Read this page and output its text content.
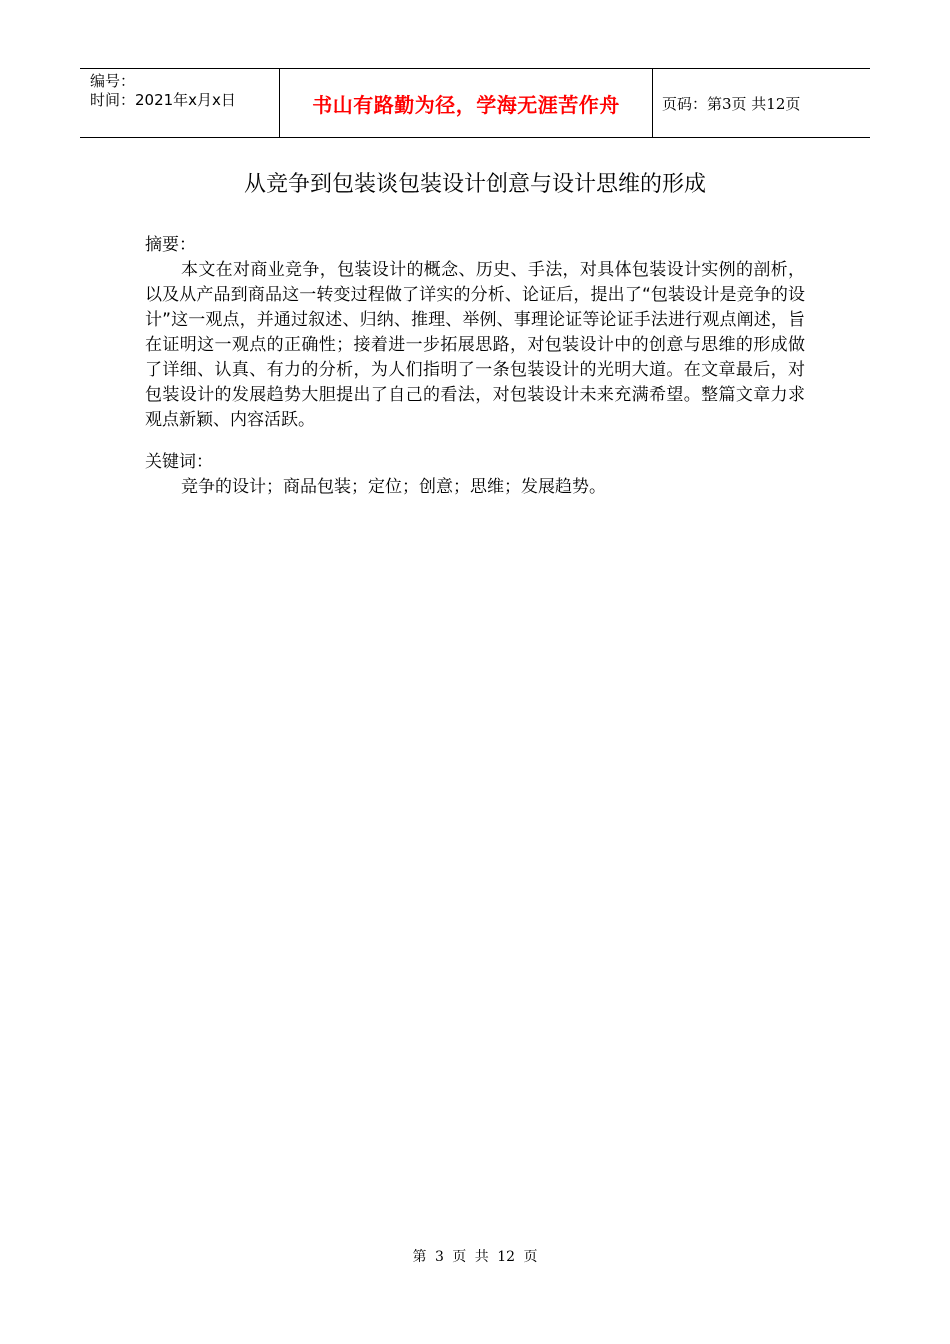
编号：
时间：2021年x月x日	书山有路勤为径，学海无涯苦作舟	页码：第3页 共12页
从竞争到包装谈包装设计创意与设计思维的形成

摘要：

本文在对商业竞争，包装设计的概念、历史、手法，对具体包装设计实例的剖析，以及从产品到商品这一转变过程做了详实的分析、论证后，提出了“包装设计是竞争的设计”这一观点，并通过叙述、归纳、推理、举例、事理论证等论证手法进行观点阐述，旨在证明这一观点的正确性；接着进一步拓展思路，对包装设计中的创意与思维的形成做了详细、认真、有力的分析，为人们指明了一条包装设计的光明大道。在文章最后，对包装设计的发展趋势大胆提出了自己的看法，对包装设计未来充满希望。整篇文章力求观点新颖、内容活跃。

关键词：

竞争的设计；商品包装；定位；创意；思维；发展趋势。

第 3 页 共 12 页
